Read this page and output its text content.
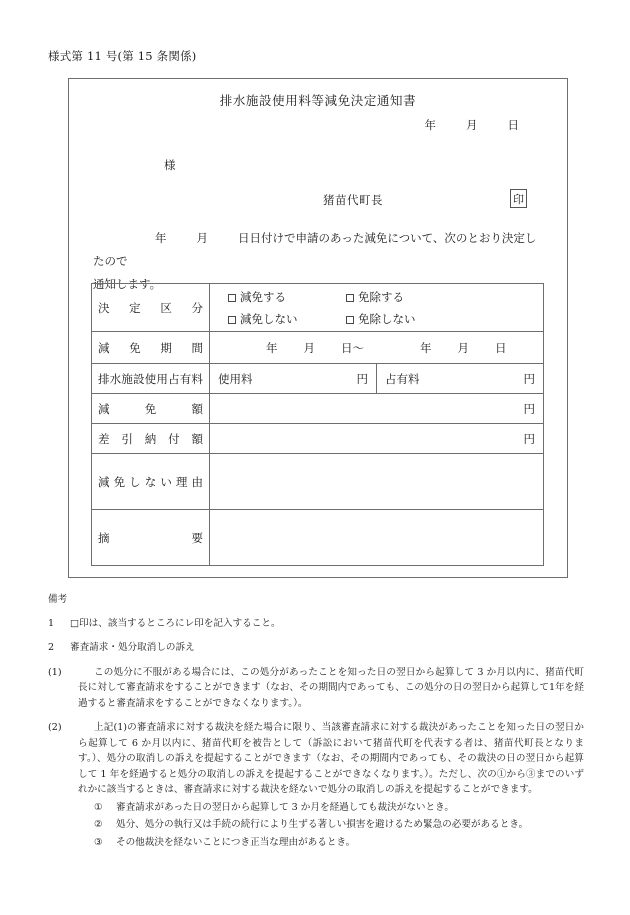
様式第 11 号(第 15 条関係)
排水施設使用料等減免決定通知書
年	月	日
様
猪苗代町長	印
年	月	日日付けで申請のあった減免について、次のとおり決定したので
通知します。
決定区分	減免する 免除する
減免しない 免除しない	

減免期間	年 月 日〜	年 月 日

排水施設使用占有料	使用料 円	占有料 円

減免額	円	

差引納付額	円	

減免しない理由		

摘要		

備考
1	□印は、該当するところにレ印を記入すること。
2	審査請求・処分取消しの訴え
(1)	この処分に不服がある場合には、この処分があったことを知った日の翌日から起算して 3 か月以内に、猪苗代町長に対して審査請求をすることができます（なお、その期間内であっても、この処分の日の翌日から起算して1年を経過すると審査請求をすることができなくなります。）。
(2)	上記(1)の審査請求に対する裁決を経た場合に限り、当該審査請求に対する裁決があったことを知った日の翌日から起算して 6 か月以内に、猪苗代町を被告として（訴訟において猪苗代町を代表する者は、猪苗代町長となります。）、処分の取消しの訴えを提起することができます（なお、その期間内であっても、その裁決の日の翌日から起算して 1 年を経過すると処分の取消しの訴えを提起することができなくなります。）。ただし、次の①から③までのいずれかに該当するときは、審査請求に対する裁決を経ないで処分の取消しの訴えを提起することができます。
①	審査請求があった日の翌日から起算して 3 か月を経過しても裁決がないとき。
②	処分、処分の執行又は手続の続行により生ずる著しい損害を避けるため緊急の必要があるとき。
③	その他裁決を経ないことにつき正当な理由があるとき。
